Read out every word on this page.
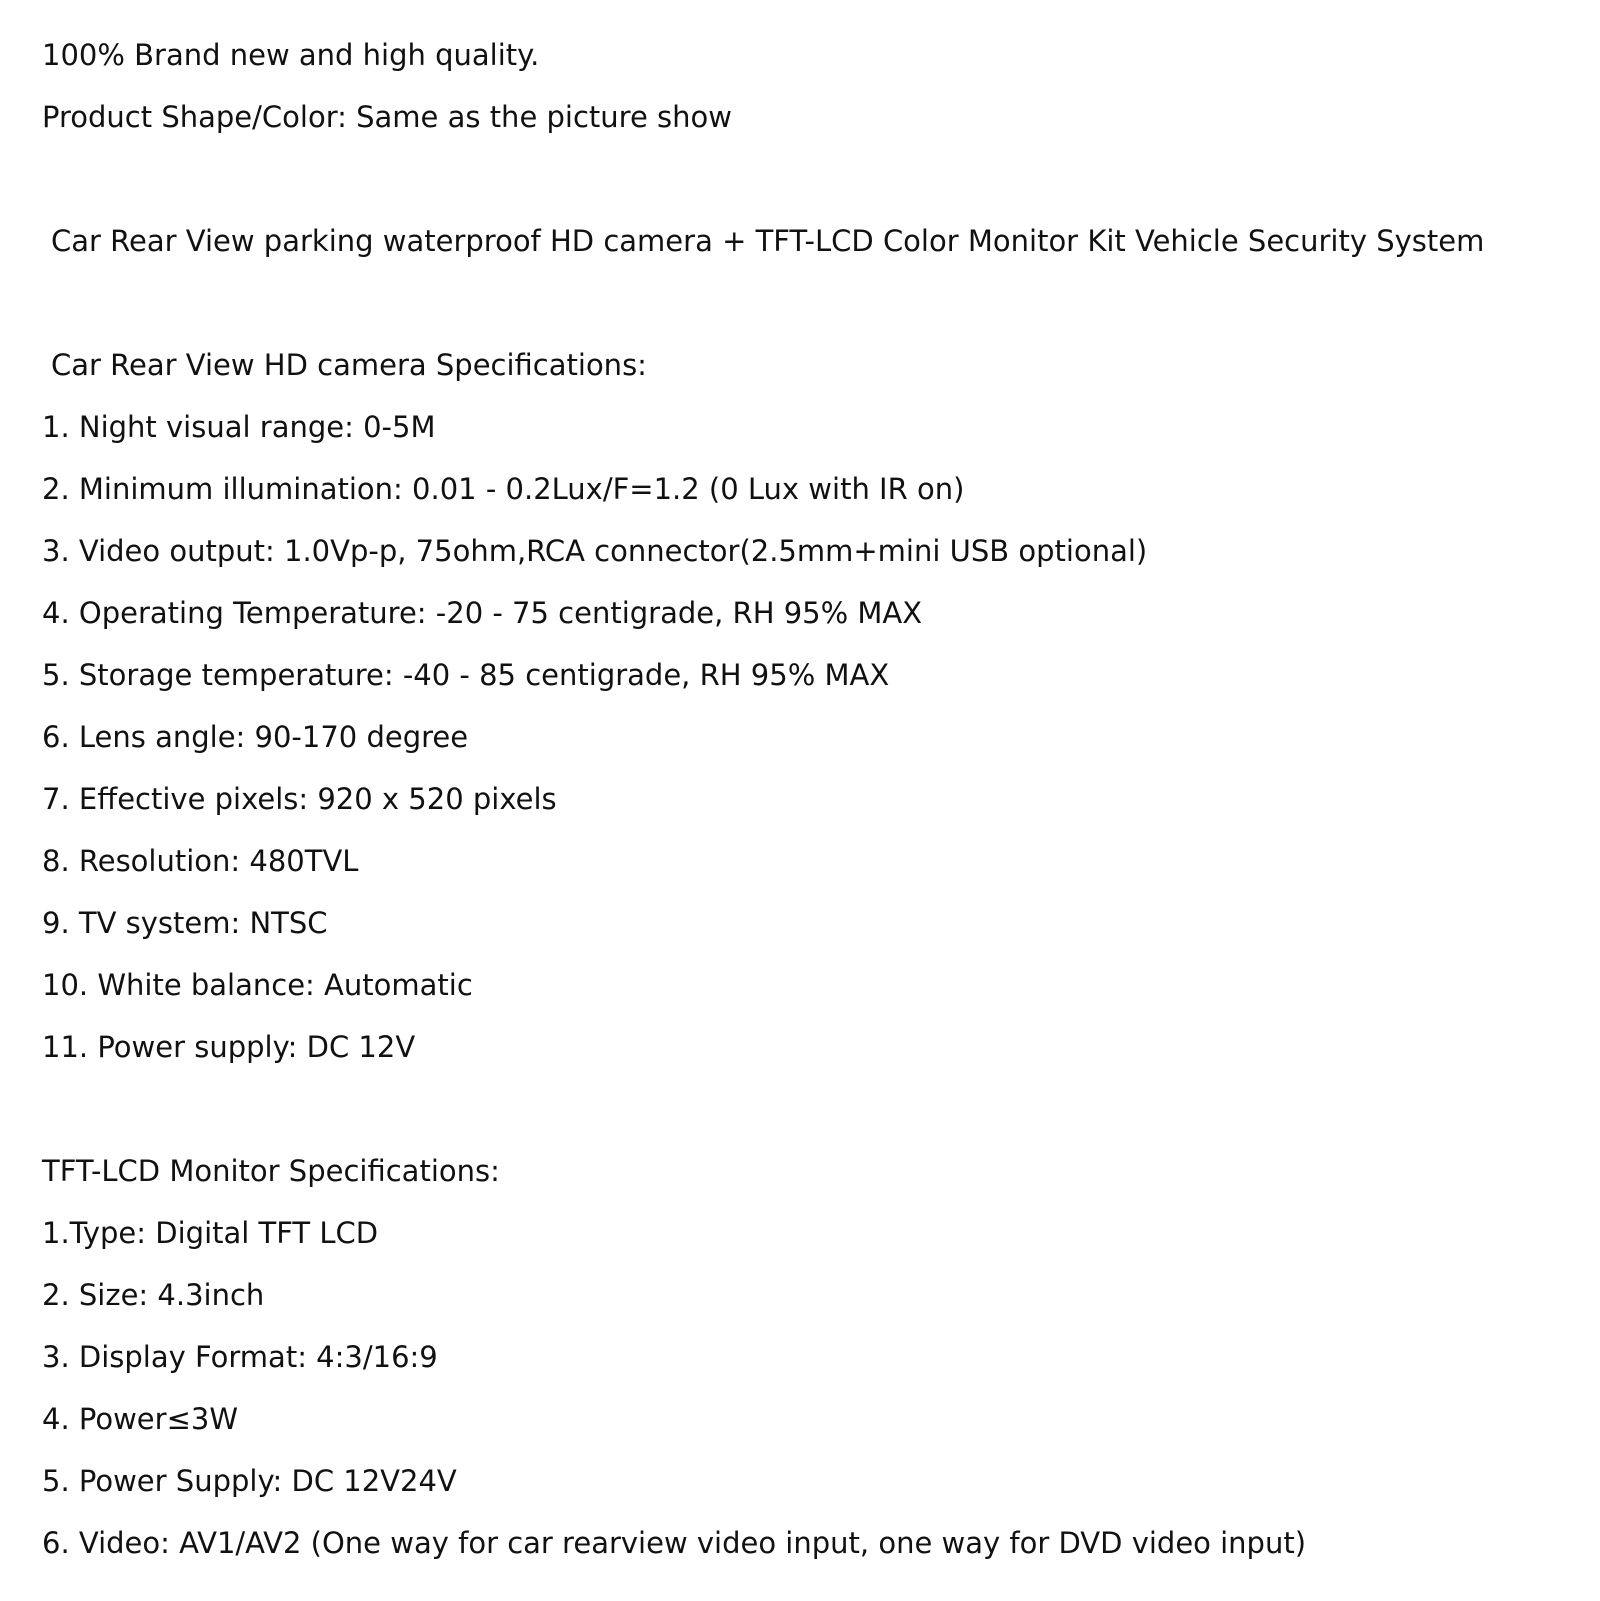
100% Brand new and high quality.
Product Shape/Color: Same as the picture show
Car Rear View parking waterproof HD camera + TFT-LCD Color Monitor Kit Vehicle Security System
Car Rear View HD camera Specifications:
1. Night visual range: 0-5M
2. Minimum illumination: 0.01 - 0.2Lux/F=1.2 (0 Lux with IR on)
3. Video output: 1.0Vp-p, 75ohm,RCA connector(2.5mm+mini USB optional)
4. Operating Temperature: -20 - 75 centigrade, RH 95% MAX
5. Storage temperature: -40 - 85 centigrade, RH 95% MAX
6. Lens angle: 90-170 degree
7. Effective pixels: 920 x 520 pixels
8. Resolution: 480TVL
9. TV system: NTSC
10. White balance: Automatic
11. Power supply: DC 12V
TFT-LCD Monitor Specifications:
1.Type: Digital TFT LCD
2. Size: 4.3inch
3. Display Format: 4:3/16:9
4. Power≤3W
5. Power Supply: DC 12V24V
6. Video: AV1/AV2 (One way for car rearview video input, one way for DVD video input)
